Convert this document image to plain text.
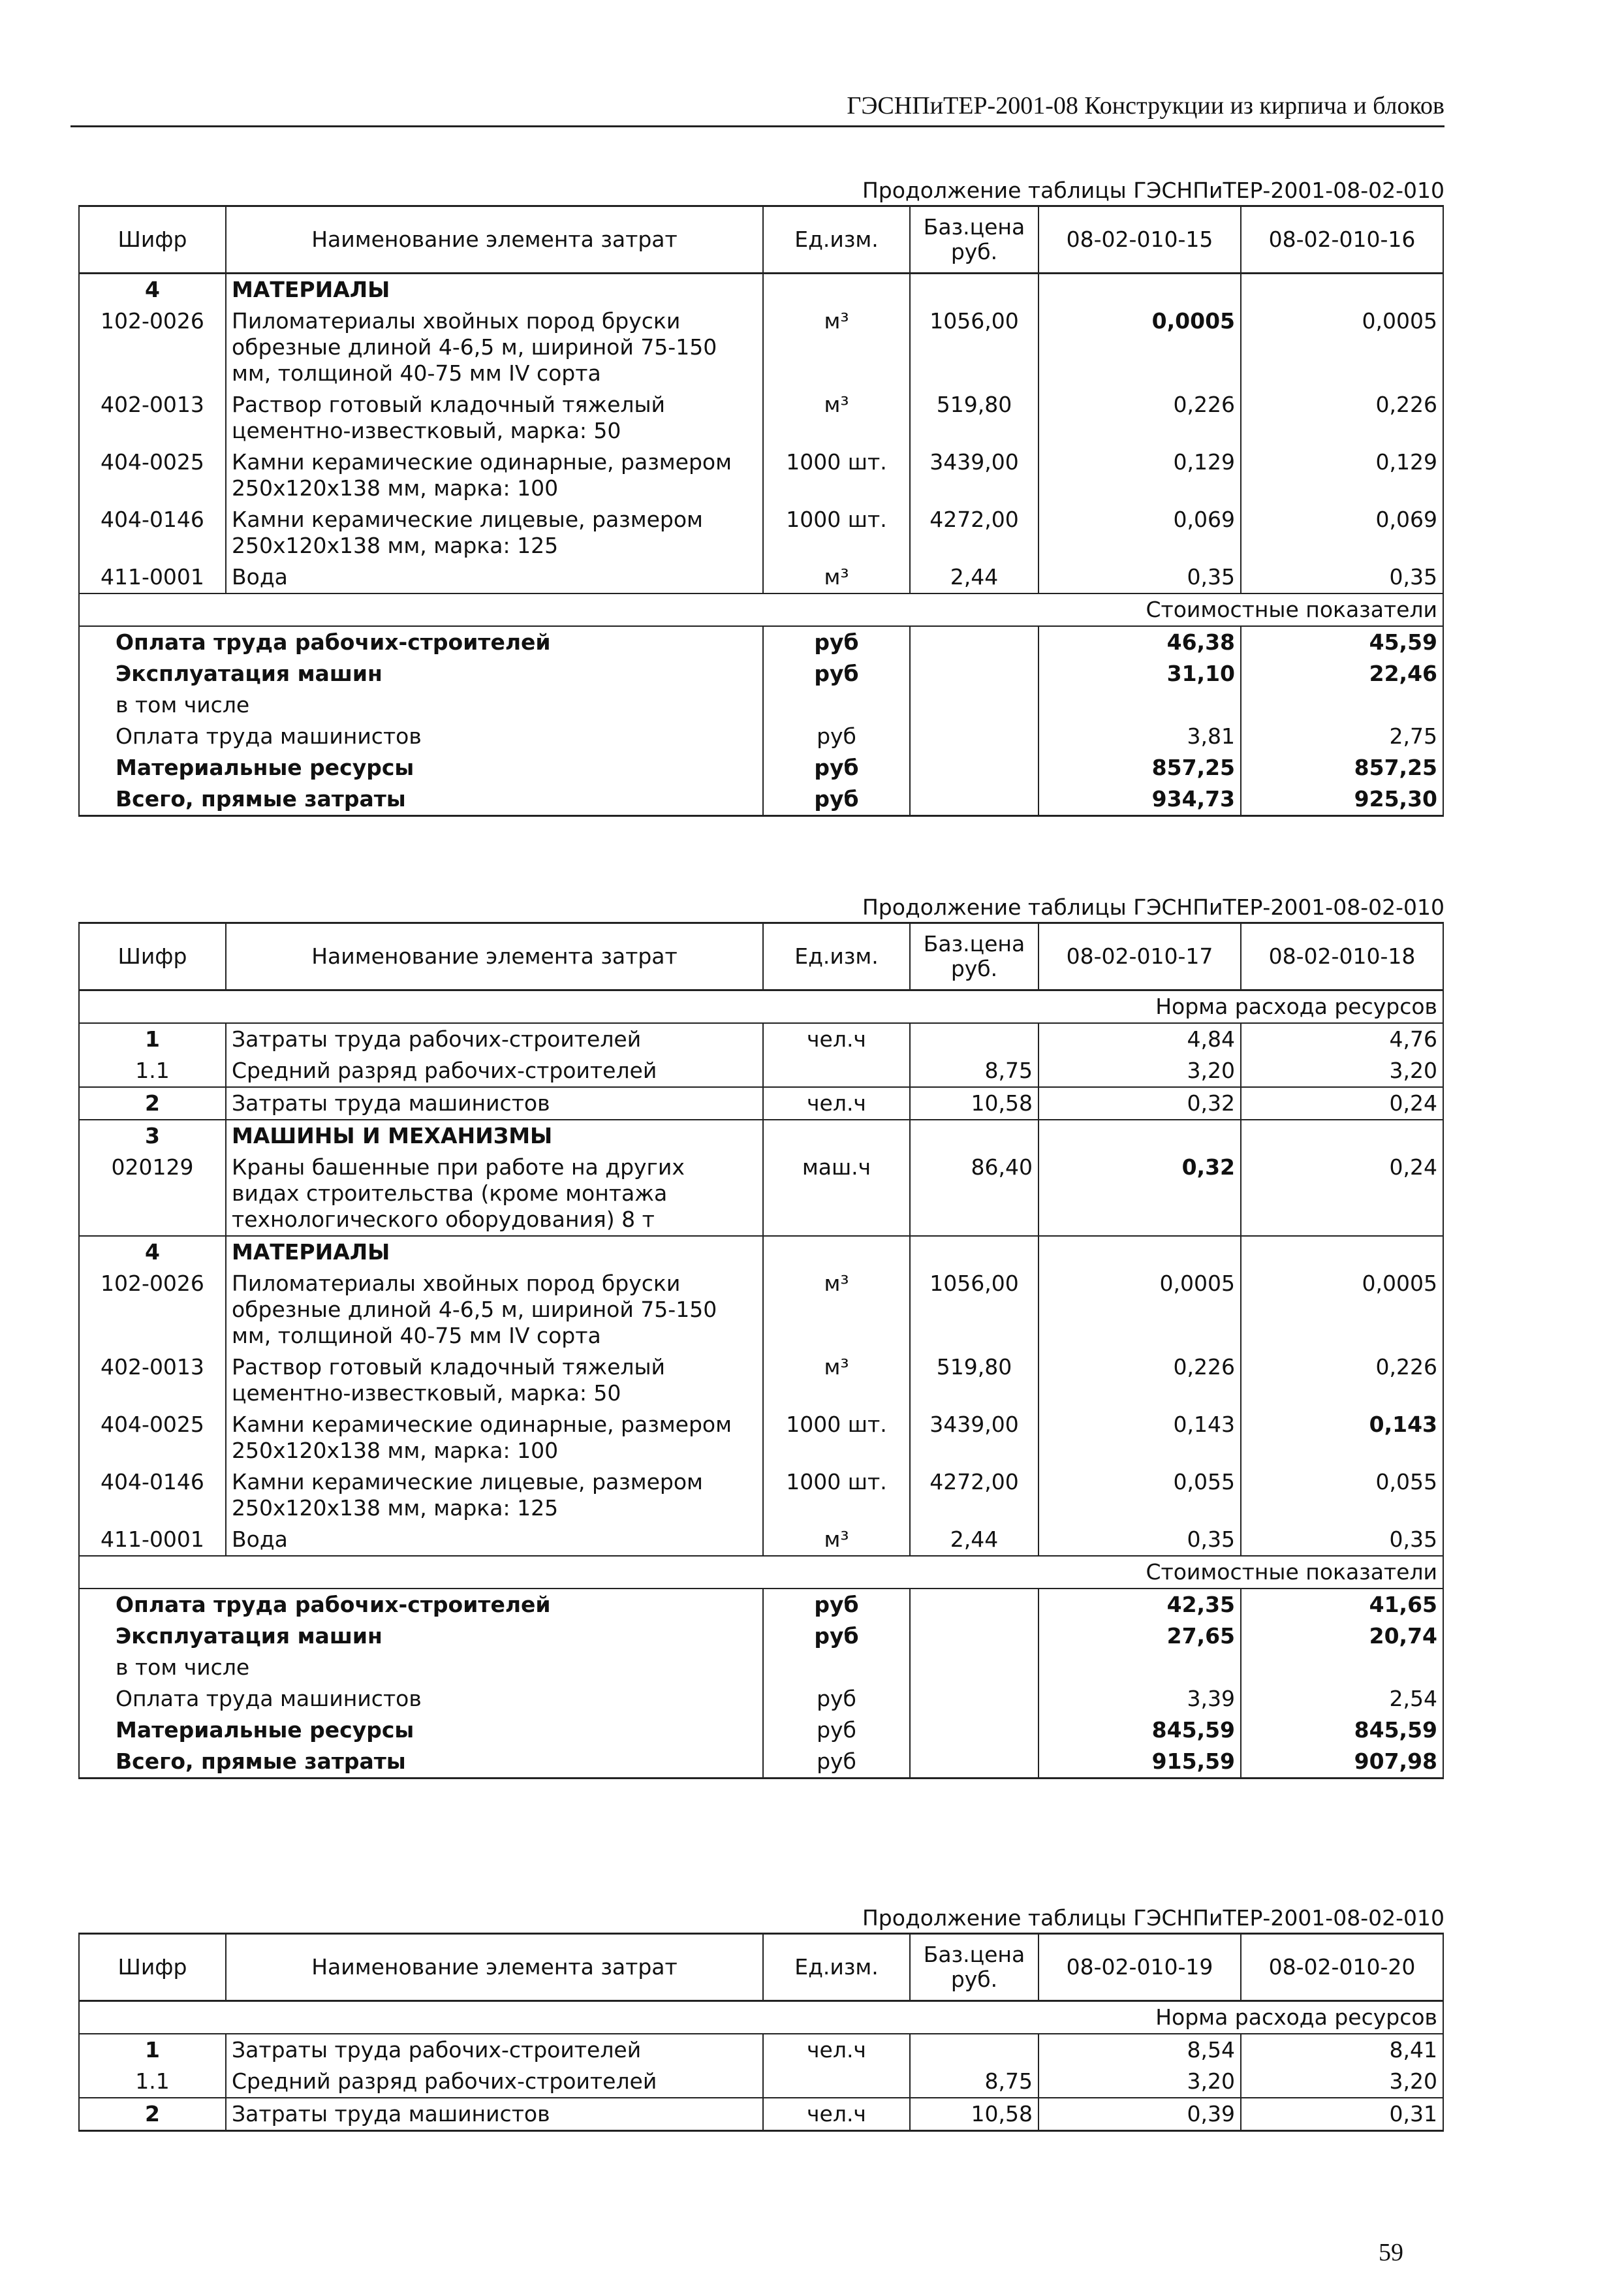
ГЭСНПиТЕР-2001-08 Конструкции из кирпича и блоков
Продолжение таблицы ГЭСНПиТЕР-2001-08-02-010
Шифр	Наименование элемента затрат	Ед.изм.	Баз.цена руб.	08-02-010-15	08-02-010-16
4	МАТЕРИАЛЫ				
102-0026	Пиломатериалы хвойных пород бруски обрезные длиной 4-6,5 м, шириной 75-150 мм, толщиной 40-75 мм IV сорта	м³	1056,00	0,0005	0,0005
402-0013	Раствор готовый кладочный тяжелый цементно-известковый, марка: 50	м³	519,80	0,226	0,226
404-0025	Камни керамические одинарные, размером 250x120x138 мм, марка: 100	1000 шт.	3439,00	0,129	0,129
404-0146	Камни керамические лицевые, размером 250x120x138 мм, марка: 125	1000 шт.	4272,00	0,069	0,069
411-0001	Вода	м³	2,44	0,35	0,35
Стоимостные показатели					
Оплата труда рабочих-строителей		руб		46,38	45,59
Эксплуатация машин		руб		31,10	22,46
в том числе					
Оплата труда машинистов		руб		3,81	2,75
Материальные ресурсы		руб		857,25	857,25
Всего, прямые затраты		руб		934,73	925,30
Продолжение таблицы ГЭСНПиТЕР-2001-08-02-010
Шифр	Наименование элемента затрат	Ед.изм.	Баз.цена руб.	08-02-010-17	08-02-010-18
Норма расхода ресурсов					
1	Затраты труда рабочих-строителей	чел.ч		4,84	4,76
1.1	Средний разряд рабочих-строителей		8,75	3,20	3,20
2	Затраты труда машинистов	чел.ч	10,58	0,32	0,24
3	МАШИНЫ И МЕХАНИЗМЫ				
020129	Краны башенные при работе на других видах строительства (кроме монтажа технологического оборудования) 8 т	маш.ч	86,40	0,32	0,24
4	МАТЕРИАЛЫ				
102-0026	Пиломатериалы хвойных пород бруски обрезные длиной 4-6,5 м, шириной 75-150 мм, толщиной 40-75 мм IV сорта	м³	1056,00	0,0005	0,0005
402-0013	Раствор готовый кладочный тяжелый цементно-известковый, марка: 50	м³	519,80	0,226	0,226
404-0025	Камни керамические одинарные, размером 250x120x138 мм, марка: 100	1000 шт.	3439,00	0,143	0,143
404-0146	Камни керамические лицевые, размером 250x120x138 мм, марка: 125	1000 шт.	4272,00	0,055	0,055
411-0001	Вода	м³	2,44	0,35	0,35
Стоимостные показатели					
Оплата труда рабочих-строителей		руб		42,35	41,65
Эксплуатация машин		руб		27,65	20,74
в том числе					
Оплата труда машинистов		руб		3,39	2,54
Материальные ресурсы		руб		845,59	845,59
Всего, прямые затраты		руб		915,59	907,98
Продолжение таблицы ГЭСНПиТЕР-2001-08-02-010
Шифр	Наименование элемента затрат	Ед.изм.	Баз.цена руб.	08-02-010-19	08-02-010-20
Норма расхода ресурсов					
1	Затраты труда рабочих-строителей	чел.ч		8,54	8,41
1.1	Средний разряд рабочих-строителей		8,75	3,20	3,20
2	Затраты труда машинистов	чел.ч	10,58	0,39	0,31
59
